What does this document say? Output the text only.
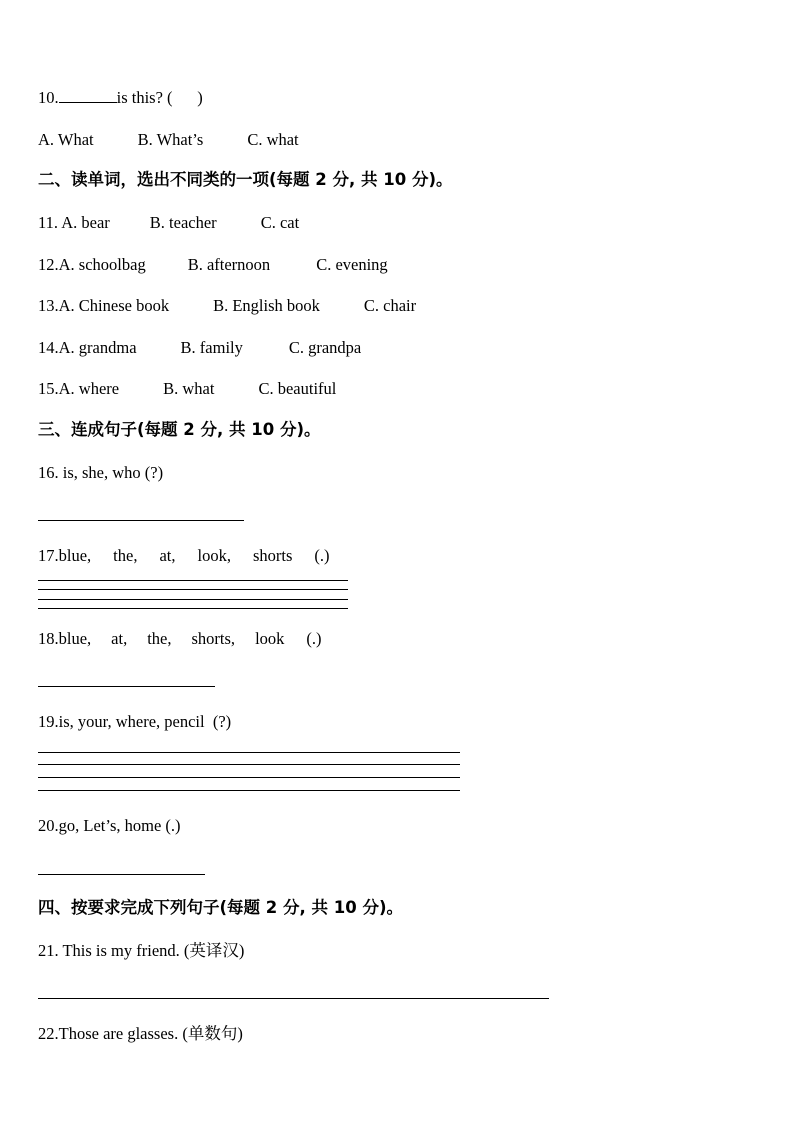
10.	is this? (      )
A. What	B. What’s	C. what
二、读单词，选出不同类的一项(每题 2 分, 共 10 分)。
11. A. bear B. teacher	C. cat
12.A. schoolbag	B. afternoon	C. evening
13.A. Chinese book	B. English book	C. chair
14.A. grandma	B. family	C. grandpa
15.A. where	B. what	C. beautiful
三、连成句子(每题 2 分, 共 10 分)。
16. is, she, who (?)
17.blue, the, at, look, shorts (.)
18.blue, at, the, shorts, look (.)
19.is, your, where, pencil  (?)
20.go, Let’s, home (.)
四、按要求完成下列句子(每题 2 分, 共 10 分)。
21. This is my friend. (英译汉)
22.Those are glasses. (单数句)
